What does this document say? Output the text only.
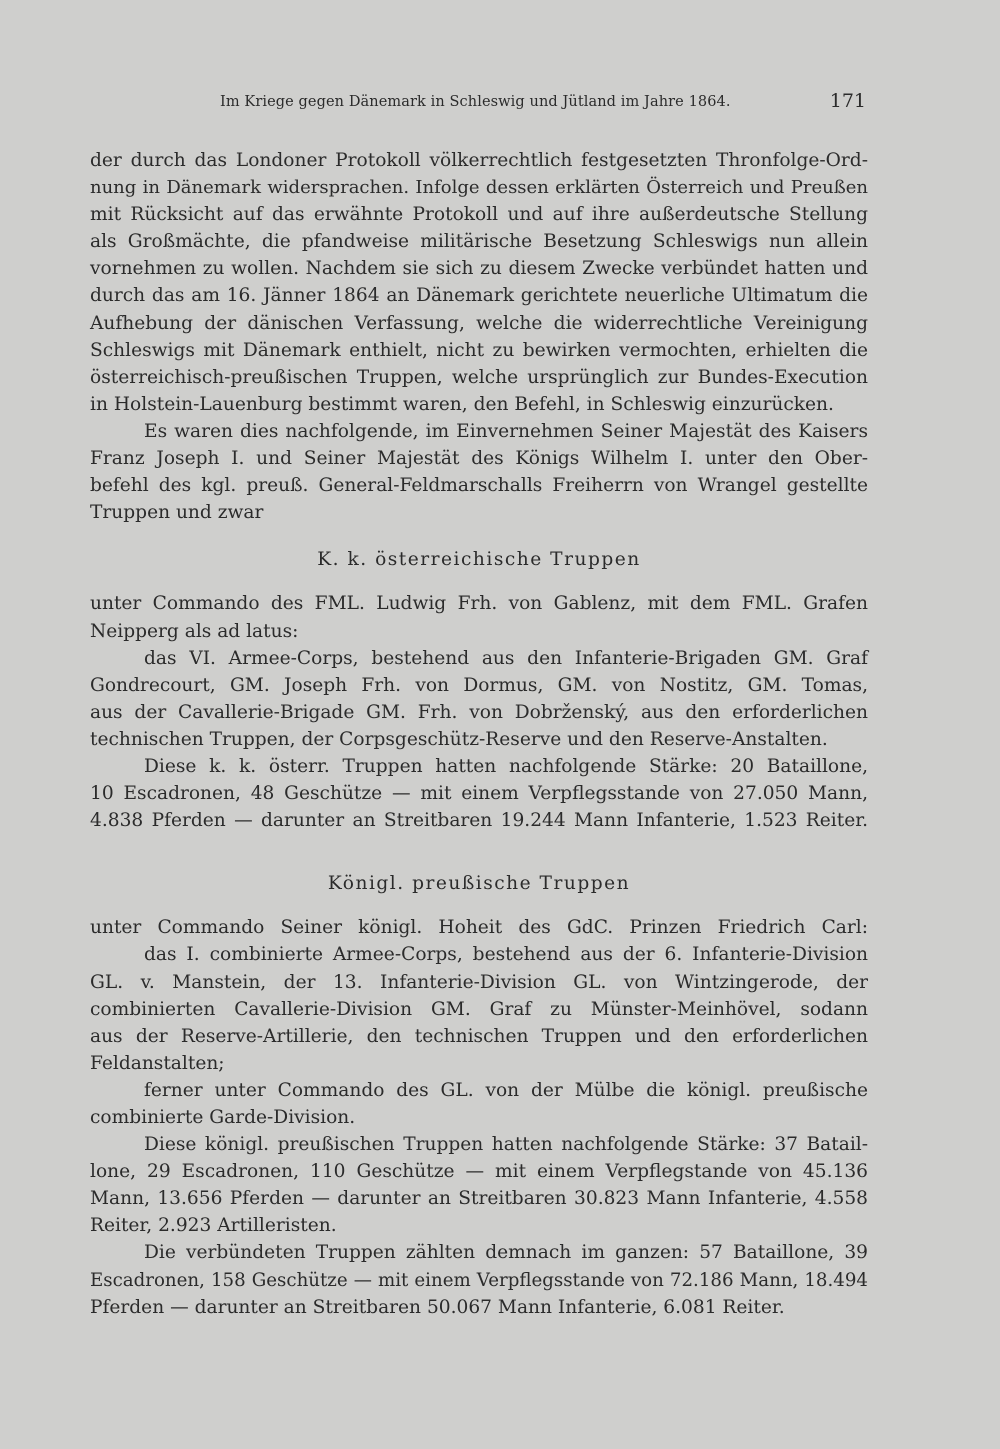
Im Kriege gegen Dänemark in Schleswig und Jütland im Jahre 1864.	171
der durch das Londoner Protokoll völkerrechtlich festgesetzten Thronfolge-Ord-
nung in Dänemark widersprachen. Infolge dessen erklärten Österreich und Preußen
mit Rücksicht auf das erwähnte Protokoll und auf ihre außerdeutsche Stellung
als Großmächte, die pfandweise militärische Besetzung Schleswigs nun allein
vornehmen zu wollen. Nachdem sie sich zu diesem Zwecke verbündet hatten und
durch das am 16. Jänner 1864 an Dänemark gerichtete neuerliche Ultimatum die
Aufhebung der dänischen Verfassung, welche die widerrechtliche Vereinigung
Schleswigs mit Dänemark enthielt, nicht zu bewirken vermochten, erhielten die
österreichisch-preußischen Truppen, welche ursprünglich zur Bundes-Execution
in Holstein-Lauenburg bestimmt waren, den Befehl, in Schleswig einzurücken.
Es waren dies nachfolgende, im Einvernehmen Seiner Majestät des Kaisers
Franz Joseph I. und Seiner Majestät des Königs Wilhelm I. unter den Ober-
befehl des kgl. preuß. General-Feldmarschalls Freiherrn von Wrangel gestellte
Truppen und zwar
K. k. österreichische Truppen
unter Commando des FML. Ludwig Frh. von Gablenz, mit dem FML. Grafen
Neipperg als ad latus:
das VI. Armee-Corps, bestehend aus den Infanterie-Brigaden GM. Graf
Gondrecourt, GM. Joseph Frh. von Dormus, GM. von Nostitz, GM. Tomas,
aus der Cavallerie-Brigade GM. Frh. von Dobrženský, aus den erforderlichen
technischen Truppen, der Corpsgeschütz-Reserve und den Reserve-Anstalten.
Diese k. k. österr. Truppen hatten nachfolgende Stärke: 20 Bataillone,
10 Escadronen, 48 Geschütze — mit einem Verpflegsstande von 27.050 Mann,
4.838 Pferden — darunter an Streitbaren 19.244 Mann Infanterie, 1.523 Reiter.
Königl. preußische Truppen
unter Commando Seiner königl. Hoheit des GdC. Prinzen Friedrich Carl:
das I. combinierte Armee-Corps, bestehend aus der 6. Infanterie-Division
GL. v. Manstein, der 13. Infanterie-Division GL. von Wintzingerode, der
combinierten Cavallerie-Division GM. Graf zu Münster-Meinhövel, sodann
aus der Reserve-Artillerie, den technischen Truppen und den erforderlichen
Feldanstalten;
ferner unter Commando des GL. von der Mülbe die königl. preußische
combinierte Garde-Division.
Diese königl. preußischen Truppen hatten nachfolgende Stärke: 37 Batail-
lone, 29 Escadronen, 110 Geschütze — mit einem Verpflegstande von 45.136
Mann, 13.656 Pferden — darunter an Streitbaren 30.823 Mann Infanterie, 4.558
Reiter, 2.923 Artilleristen.
Die verbündeten Truppen zählten demnach im ganzen: 57 Bataillone, 39
Escadronen, 158 Geschütze — mit einem Verpflegsstande von 72.186 Mann, 18.494
Pferden — darunter an Streitbaren 50.067 Mann Infanterie, 6.081 Reiter.
